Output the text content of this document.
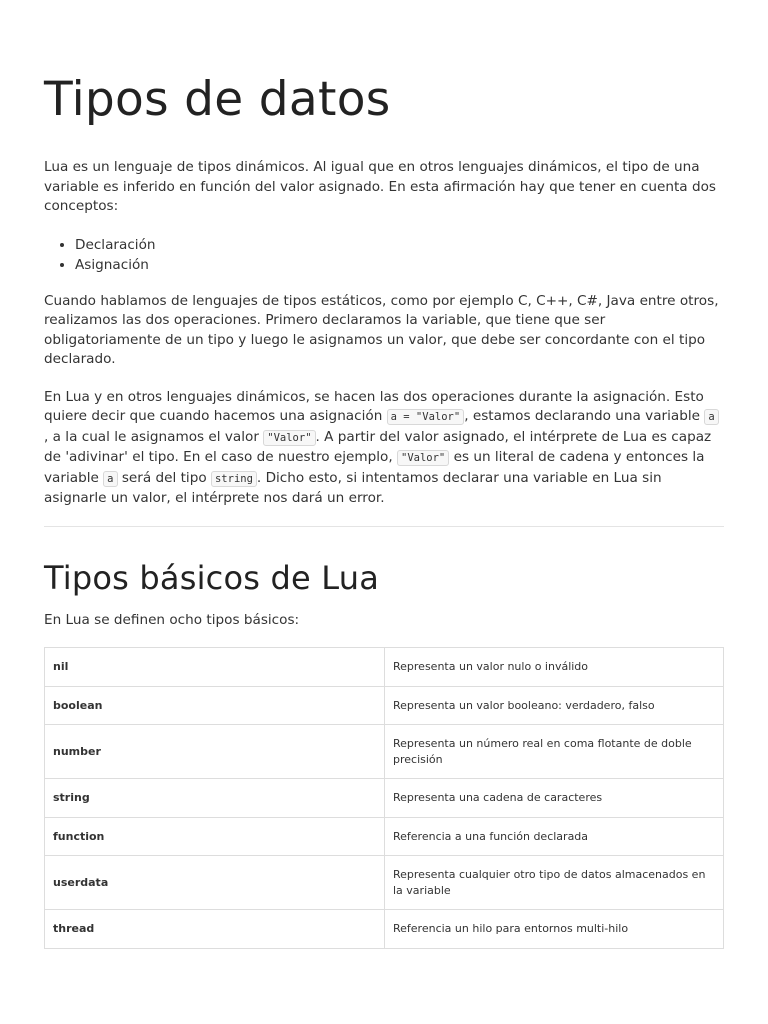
Tipos de datos

Lua es un lenguaje de tipos dinámicos. Al igual que en otros lenguajes dinámicos, el tipo de una variable es inferido en función del valor asignado. En esta afirmación hay que tener en cuenta dos conceptos:

• Declaración
• Asignación

Cuando hablamos de lenguajes de tipos estáticos, como por ejemplo C, C++, C#, Java entre otros, realizamos las dos operaciones. Primero declaramos la variable, que tiene que ser obligatoriamente de un tipo y luego le asignamos un valor, que debe ser concordante con el tipo declarado.

En Lua y en otros lenguajes dinámicos, se hacen las dos operaciones durante la asignación. Esto quiere decir que cuando hacemos una asignación a = "Valor" , estamos declarando una variable a
, a la cual le asignamos el valor "Valor" . A partir del valor asignado, el intérprete de Lua es capaz de 'adivinar' el tipo. En el caso de nuestro ejemplo, "Valor" es un literal de cadena y entonces la variable a será del tipo string . Dicho esto, si intentamos declarar una variable en Lua sin asignarle un valor, el intérprete nos dará un error.

Tipos básicos de Lua

En Lua se definen ocho tipos básicos:

nil	Representa un valor nulo o inválido
boolean	Representa un valor booleano: verdadero, falso
number	Representa un número real en coma flotante de doble precisión
string	Representa una cadena de caracteres
function	Referencia a una función declarada
userdata	Representa cualquier otro tipo de datos almacenados en la variable
thread	Referencia un hilo para entornos multi-hilo
